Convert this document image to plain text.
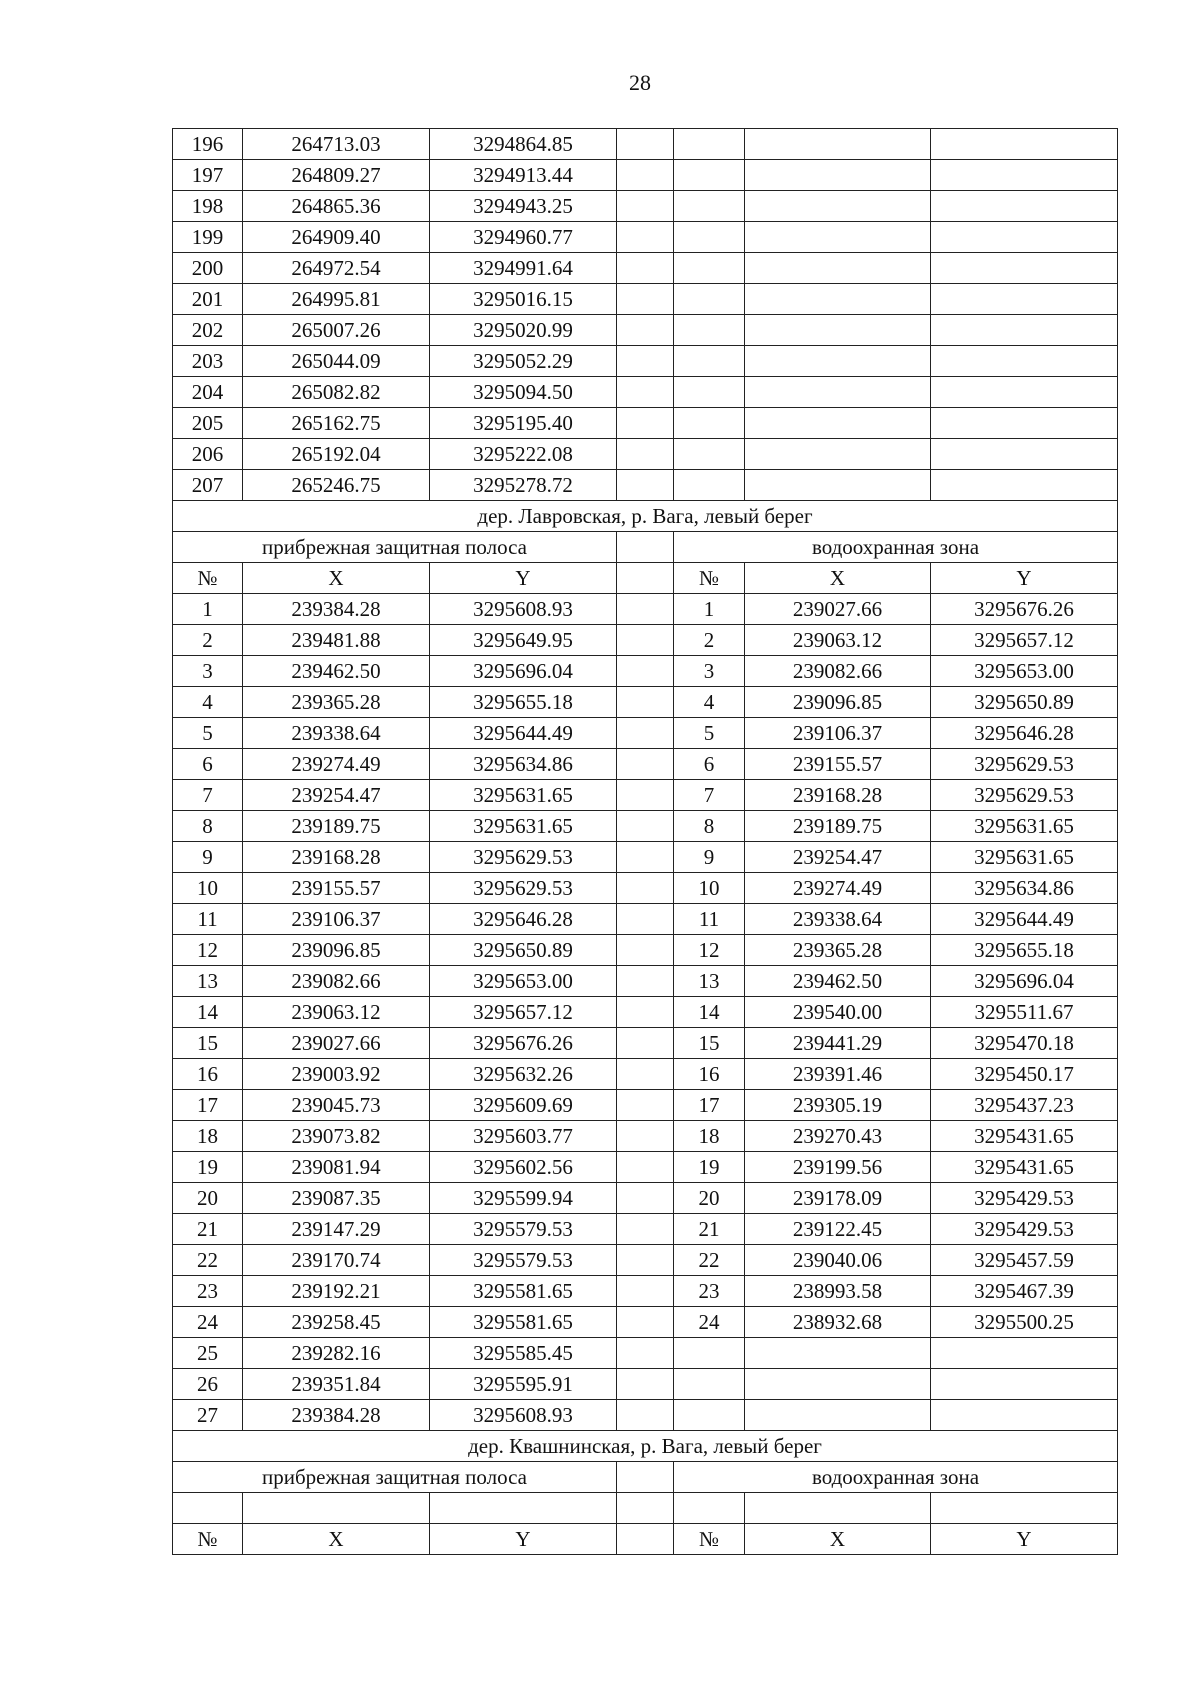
28
196	264713.03	3294864.85				
197	264809.27	3294913.44				
198	264865.36	3294943.25				
199	264909.40	3294960.77				
200	264972.54	3294991.64				
201	264995.81	3295016.15				
202	265007.26	3295020.99				
203	265044.09	3295052.29				
204	265082.82	3295094.50				
205	265162.75	3295195.40				
206	265192.04	3295222.08				
207	265246.75	3295278.72				
дер. Лавровская, р. Вага, левый берег						
прибрежная защитная полоса				водоохранная зона		
№	X	Y		№	X	Y
1	239384.28	3295608.93		1	239027.66	3295676.26
2	239481.88	3295649.95		2	239063.12	3295657.12
3	239462.50	3295696.04		3	239082.66	3295653.00
4	239365.28	3295655.18		4	239096.85	3295650.89
5	239338.64	3295644.49		5	239106.37	3295646.28
6	239274.49	3295634.86		6	239155.57	3295629.53
7	239254.47	3295631.65		7	239168.28	3295629.53
8	239189.75	3295631.65		8	239189.75	3295631.65
9	239168.28	3295629.53		9	239254.47	3295631.65
10	239155.57	3295629.53		10	239274.49	3295634.86
11	239106.37	3295646.28		11	239338.64	3295644.49
12	239096.85	3295650.89		12	239365.28	3295655.18
13	239082.66	3295653.00		13	239462.50	3295696.04
14	239063.12	3295657.12		14	239540.00	3295511.67
15	239027.66	3295676.26		15	239441.29	3295470.18
16	239003.92	3295632.26		16	239391.46	3295450.17
17	239045.73	3295609.69		17	239305.19	3295437.23
18	239073.82	3295603.77		18	239270.43	3295431.65
19	239081.94	3295602.56		19	239199.56	3295431.65
20	239087.35	3295599.94		20	239178.09	3295429.53
21	239147.29	3295579.53		21	239122.45	3295429.53
22	239170.74	3295579.53		22	239040.06	3295457.59
23	239192.21	3295581.65		23	238993.58	3295467.39
24	239258.45	3295581.65		24	238932.68	3295500.25
25	239282.16	3295585.45				
26	239351.84	3295595.91				
27	239384.28	3295608.93				
дер. Квашнинская, р. Вага, левый берег						
прибрежная защитная полоса				водоохранная зона		

№	X	Y		№	X	Y
